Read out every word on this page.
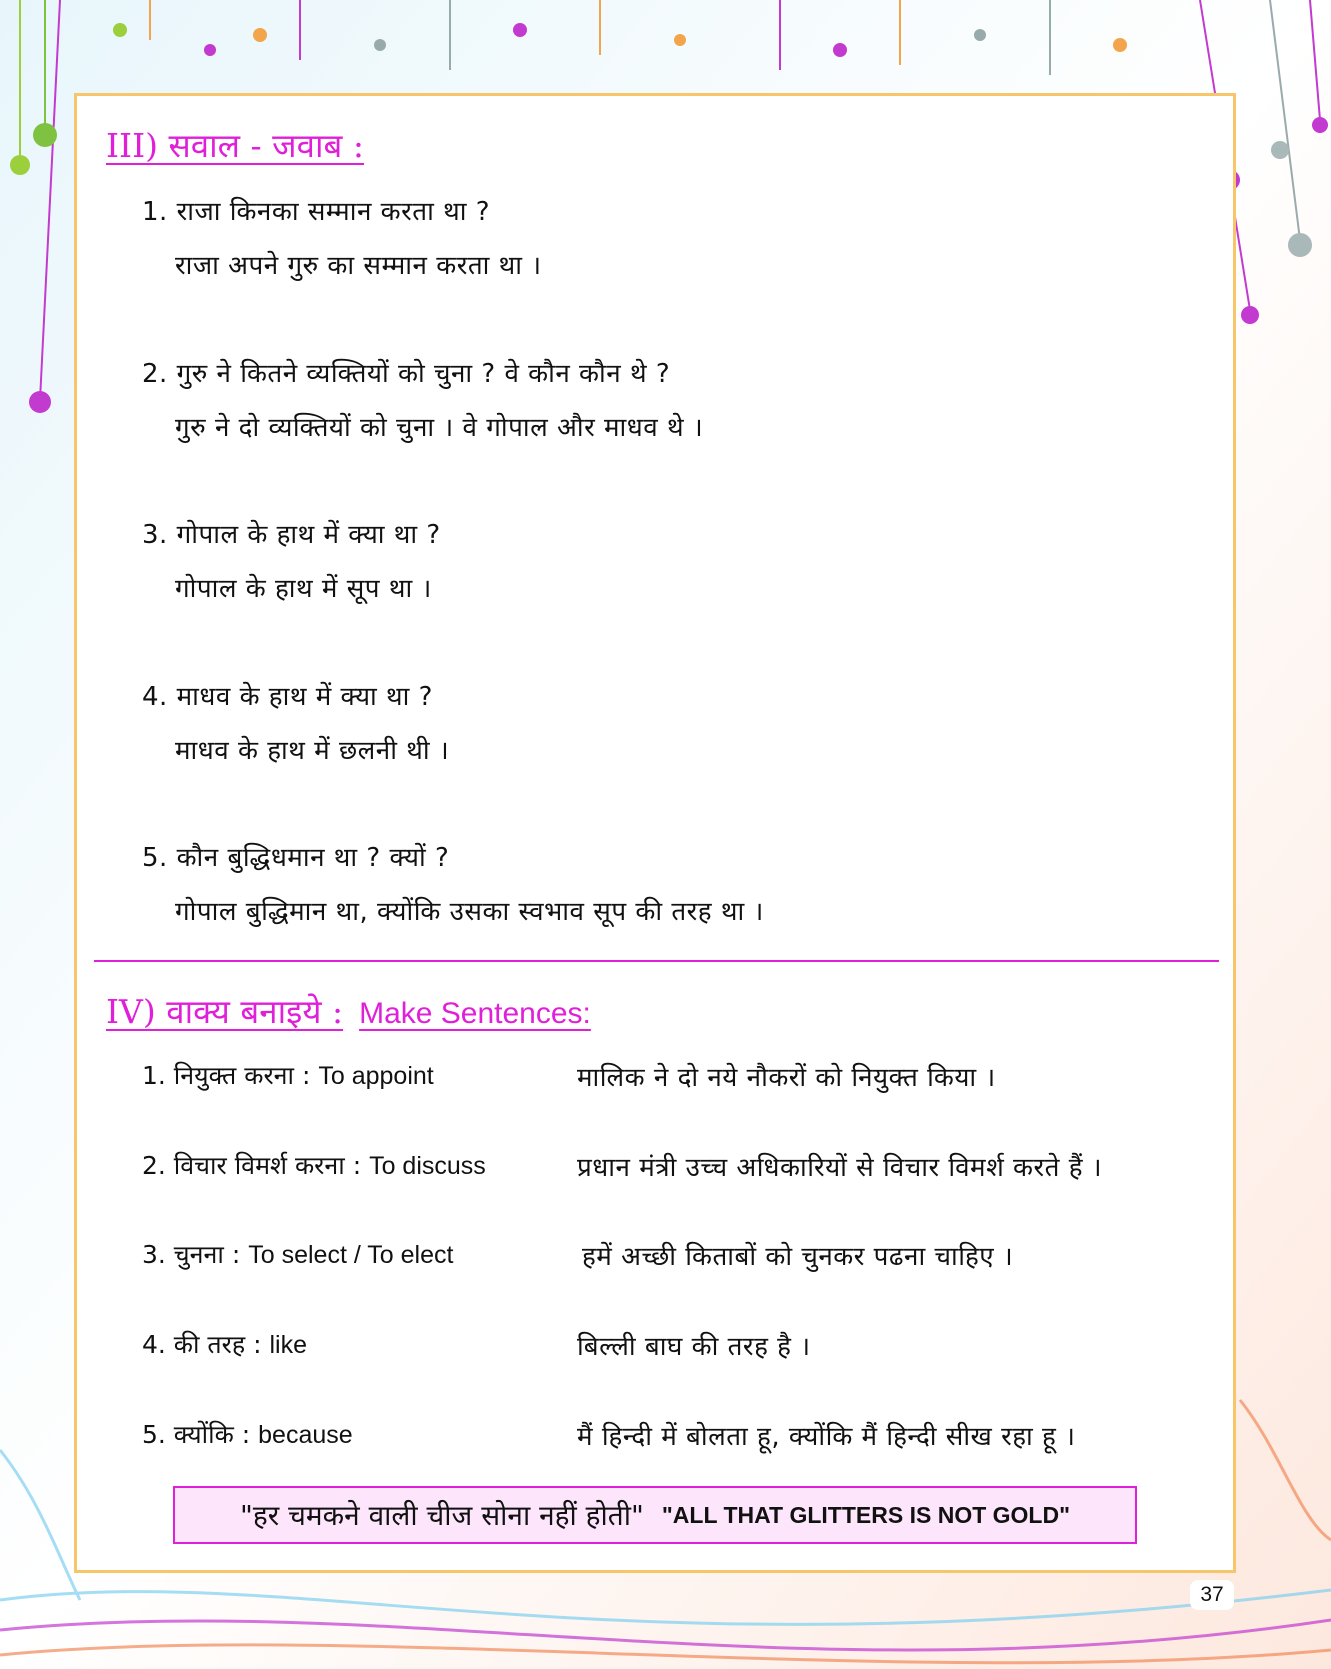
III) सवाल - जवाब :
1. राजा किनका सम्मान करता था ?
राजा अपने गुरु का सम्मान करता था ।
2. गुरु ने कितने व्यक्तियों को चुना ? वे कौन कौन थे ?
गुरु ने दो व्यक्तियों को चुना । वे गोपाल और माधव थे ।
3. गोपाल के हाथ में क्या था ?
गोपाल के हाथ में सूप था ।
4. माधव के हाथ में क्या था ?
माधव के हाथ में छलनी थी ।
5. कौन बुद्धिधमान था ? क्यों ?
गोपाल बुद्धिमान था, क्योंकि उसका स्वभाव सूप की तरह था ।
IV) वाक्य बनाइये : Make Sentences:
1. नियुक्त करना : To appoint	मालिक ने दो नये नौकरों को नियुक्त किया ।
2. विचार विमर्श करना : To discuss	प्रधान मंत्री उच्च अधिकारियों से विचार विमर्श करते हैं ।
3. चुनना : To select / To elect	हमें अच्छी किताबों को चुनकर पढना चाहिए ।
4. की तरह : like	बिल्ली बाघ की तरह है ।
5. क्योंकि : because	मैं हिन्दी में बोलता हू, क्योंकि मैं हिन्दी सीख रहा हू ।
"हर चमकने वाली चीज सोना नहीं होती" "ALL THAT GLITTERS IS NOT GOLD"
37
